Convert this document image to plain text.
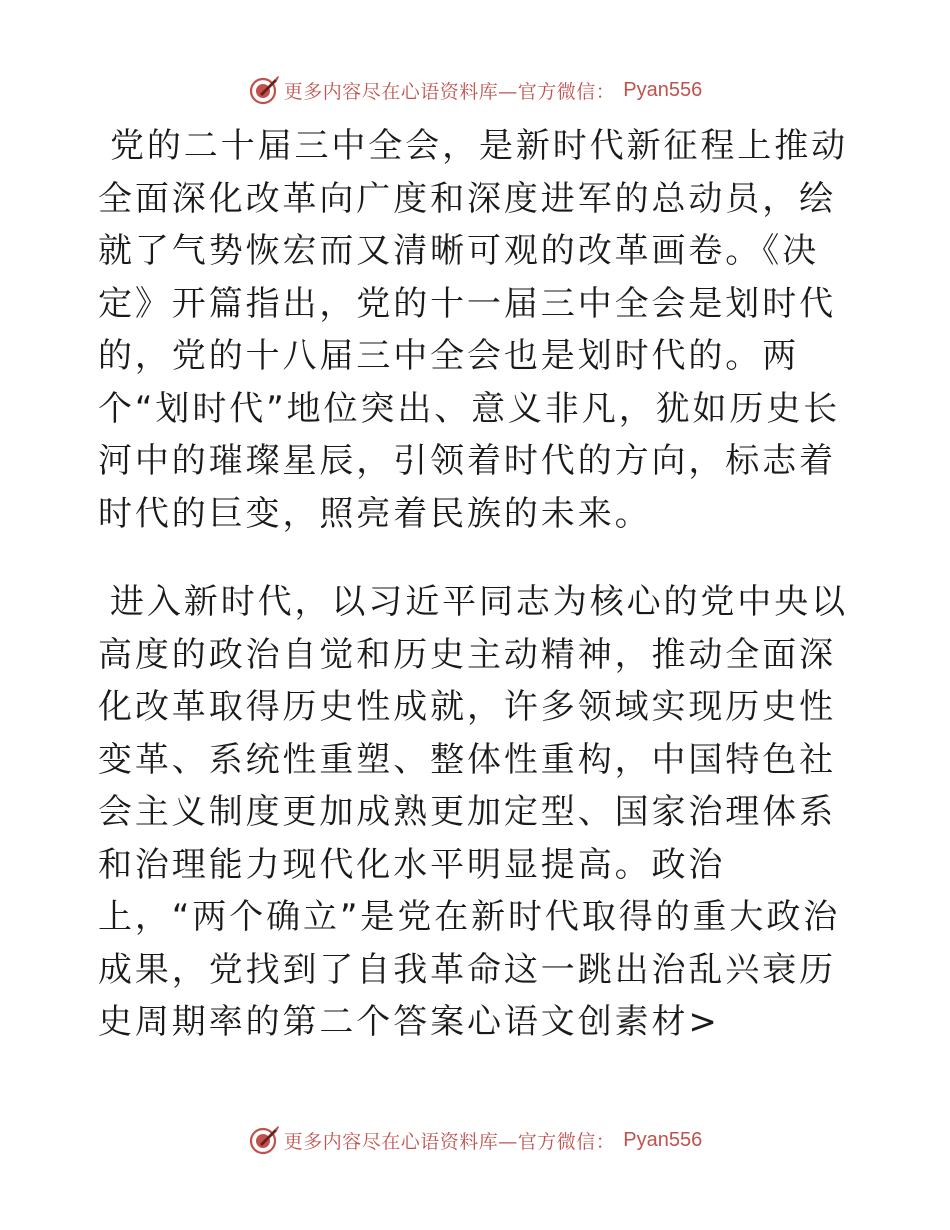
更多内容尽在心语资料库—官方微信： Pyan556

党的二十届三中全会，是新时代新征程上推动全面深化改革向广度和深度进军的总动员，绘就了气势恢宏而又清晰可观的改革画卷。《决定》开篇指出，党的十一届三中全会是划时代的，党的十八届三中全会也是划时代的。两个“划时代”地位突出、意义非凡，犹如历史长河中的璀璨星辰，引领着时代的方向，标志着时代的巨变，照亮着民族的未来。

进入新时代，以习近平同志为核心的党中央以高度的政治自觉和历史主动精神，推动全面深化改革取得历史性成就，许多领域实现历史性变革、系统性重塑、整体性重构，中国特色社会主义制度更加成熟更加定型、国家治理体系和治理能力现代化水平明显提高。政治上，“两个确立”是党在新时代取得的重大政治成果，党找到了自我革命这一跳出治乱兴衰历史周期率的第二个答案心语文创素材>

更多内容尽在心语资料库—官方微信： Pyan556
